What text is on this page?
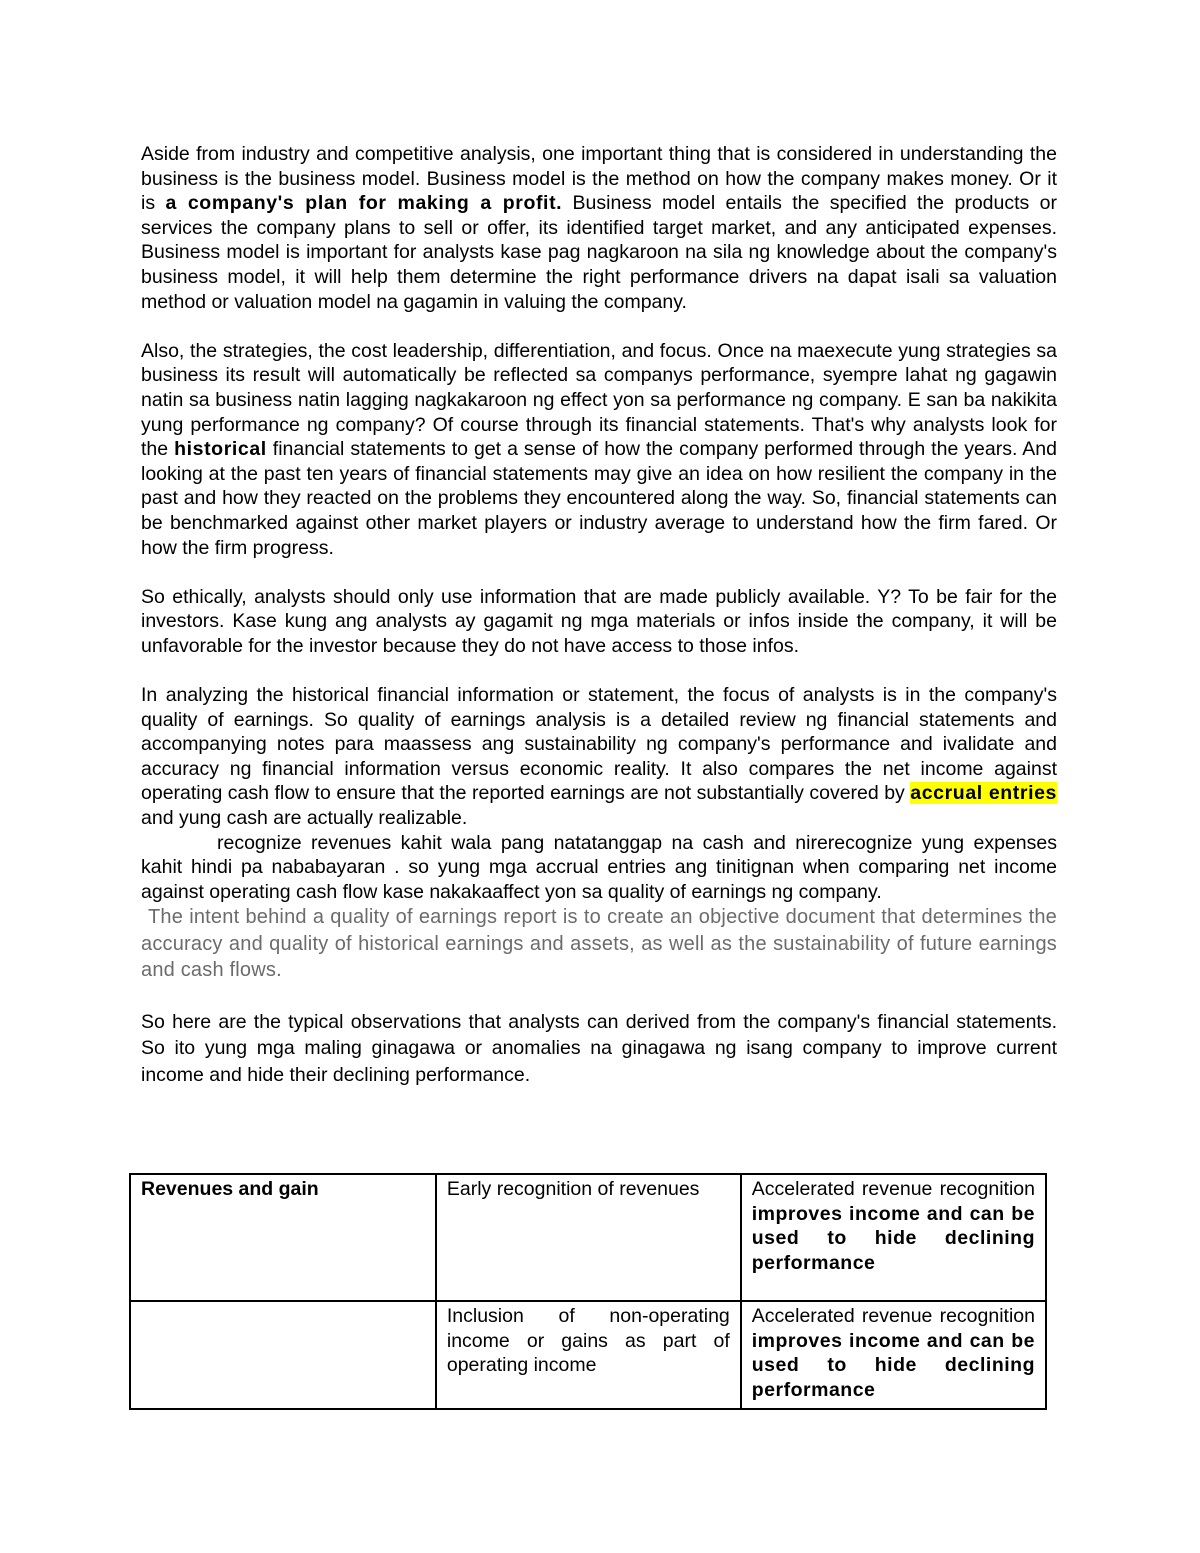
Aside from industry and competitive analysis, one important thing that is considered in understanding the business is the business model. Business model is the method on how the company makes money. Or it is a company's plan for making a profit. Business model entails the specified the products or services the company plans to sell or offer, its identified target market, and any anticipated expenses. Business model is important for analysts kase pag nagkaroon na sila ng knowledge about the company's business model, it will help them determine the right performance drivers na dapat isali sa valuation method or valuation model na gagamin in valuing the company.

Also, the strategies, the cost leadership, differentiation, and focus. Once na maexecute yung strategies sa business its result will automatically be reflected sa companys performance, syempre lahat ng gagawin natin sa business natin lagging nagkakaroon ng effect yon sa performance ng company. E san ba nakikita yung performance ng company? Of course through its financial statements. That's why analysts look for the historical financial statements to get a sense of how the company performed through the years. And looking at the past ten years of financial statements may give an idea on how resilient the company in the past and how they reacted on the problems they encountered along the way. So, financial statements can be benchmarked against other market players or industry average to understand how the firm fared. Or how the firm progress.

So ethically, analysts should only use information that are made publicly available. Y? To be fair for the investors. Kase kung ang analysts ay gagamit ng mga materials or infos inside the company, it will be unfavorable for the investor because they do not have access to those infos.

In analyzing the historical financial information or statement, the focus of analysts is in the company's quality of earnings. So quality of earnings analysis is a detailed review ng financial statements and accompanying notes para maassess ang sustainability ng company's performance and ivalidate and accuracy ng financial information versus economic reality. It also compares the net income against operating cash flow to ensure that the reported earnings are not substantially covered by accrual entries and yung cash are actually realizable.

recognize revenues kahit wala pang natatanggap na cash and nirerecognize yung expenses kahit hindi pa nababayaran . so yung mga accrual entries ang tinitignan when comparing net income against operating cash flow kase nakakaaffect yon sa quality of earnings ng company.

The intent behind a quality of earnings report is to create an objective document that determines the accuracy and quality of historical earnings and assets, as well as the sustainability of future earnings and cash flows.

So here are the typical observations that analysts can derived from the company's financial statements. So ito yung mga maling ginagawa or anomalies na ginagawa ng isang company to improve current income and hide their declining performance.

Revenues and gain	Early recognition of revenues	Accelerated revenue recognition improves income and can be used to hide declining performance
	Inclusion of non-operating income or gains as part of operating income	Accelerated revenue recognition improves income and can be used to hide declining performance
